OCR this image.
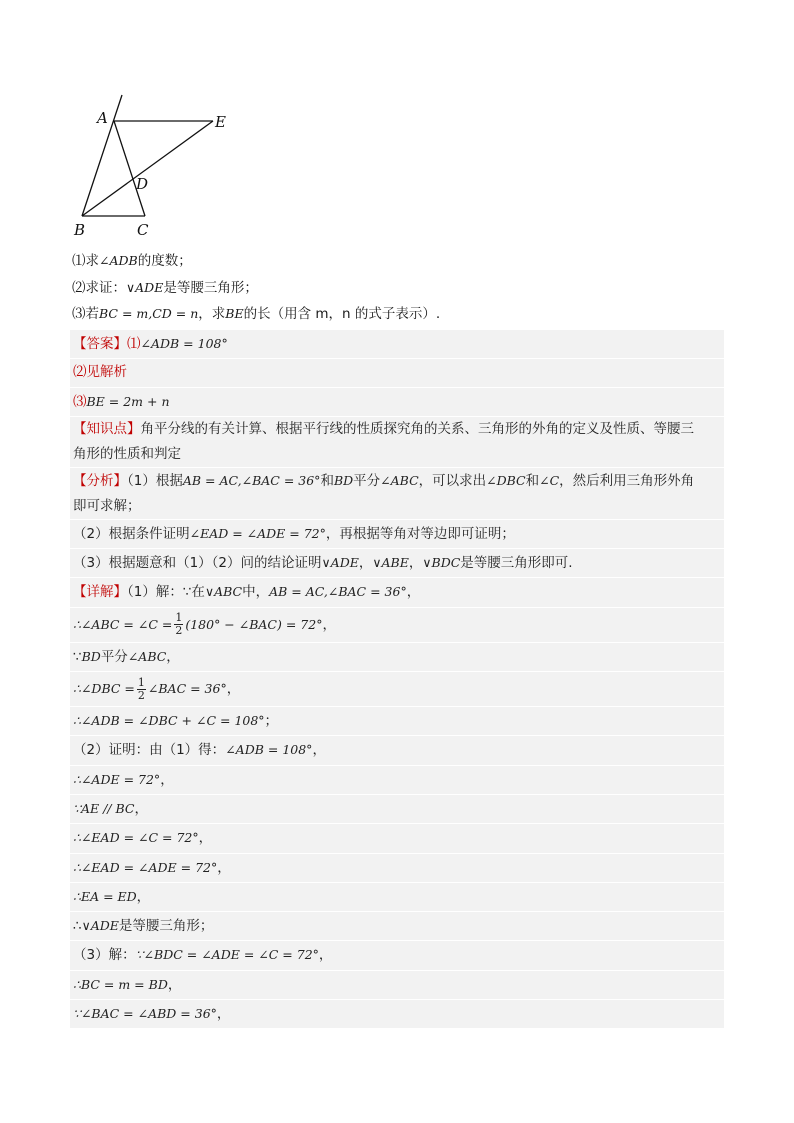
A	E
D
B	C
⑴求∠ADB的度数；
⑵求证：∨ADE是等腰三角形；
⑶若BC = m,CD = n，求BE的长（用含 m，n 的式子表示）.
【答案】⑴∠ADB = 108°
⑵见解析
⑶BE = 2m + n
【知识点】角平分线的有关计算、根据平行线的性质探究角的关系、三角形的外角的定义及性质、等腰三
角形的性质和判定
【分析】（1）根据AB = AC,∠BAC = 36°和BD平分∠ABC，可以求出∠DBC和∠C，然后利用三角形外角
即可求解；
（2）根据条件证明∠EAD = ∠ADE = 72°，再根据等角对等边即可证明；
（3）根据题意和（1）（2）问的结论证明∨ADE，∨ABE，∨BDC是等腰三角形即可.
【详解】（1）解：∵在∨ABC中，AB = AC,∠BAC = 36°，
∴∠ABC = ∠C = $\frac{1}{2} (180^\circ$ − ∠BAC) = 72°，
∵BD平分∠ABC，
∴∠DBC = $\frac{1}{2}$ ∠BAC = 36°，
∴∠ADB = ∠DBC + ∠C = 108°；
（2）证明：由（1）得：∠ADB = 108°，
∴∠ADE = 72°，
∵AE // BC，
∴∠EAD = ∠C = 72°，
∴∠EAD = ∠ADE = 72°，
∴EA = ED，
∴∨ADE是等腰三角形；
（3）解：∵∠BDC = ∠ADE = ∠C = 72°，
∴BC = m = BD，
∵∠BAC = ∠ABD = 36°，
